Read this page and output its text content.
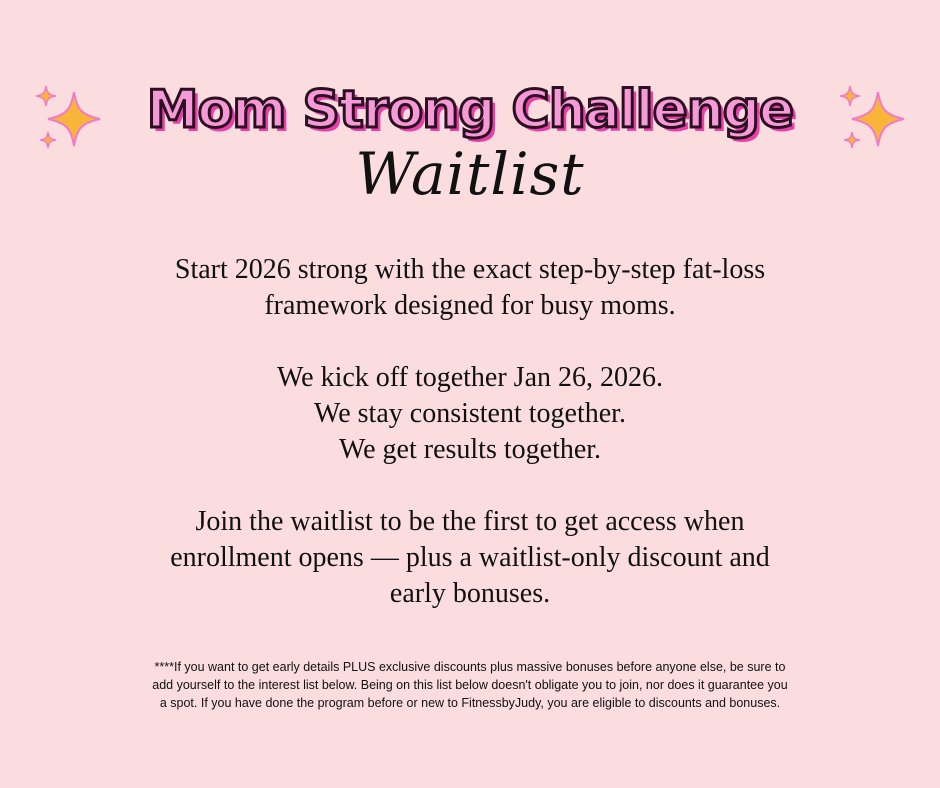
Mom Strong Challenge
Waitlist

Start 2026 strong with the exact step-by-step fat-loss

framework designed for busy moms.

We kick off together Jan 26, 2026.

We stay consistent together.

We get results together.

Join the waitlist to be the first to get access when

enrollment opens — plus a waitlist-only discount and

early bonuses.

****If you want to get early details PLUS exclusive discounts plus massive bonuses before anyone else, be sure to
add yourself to the interest list below. Being on this list below doesn't obligate you to join, nor does it guarantee you
a spot. If you have done the program before or new to FitnessbyJudy, you are eligible to discounts and bonuses.
